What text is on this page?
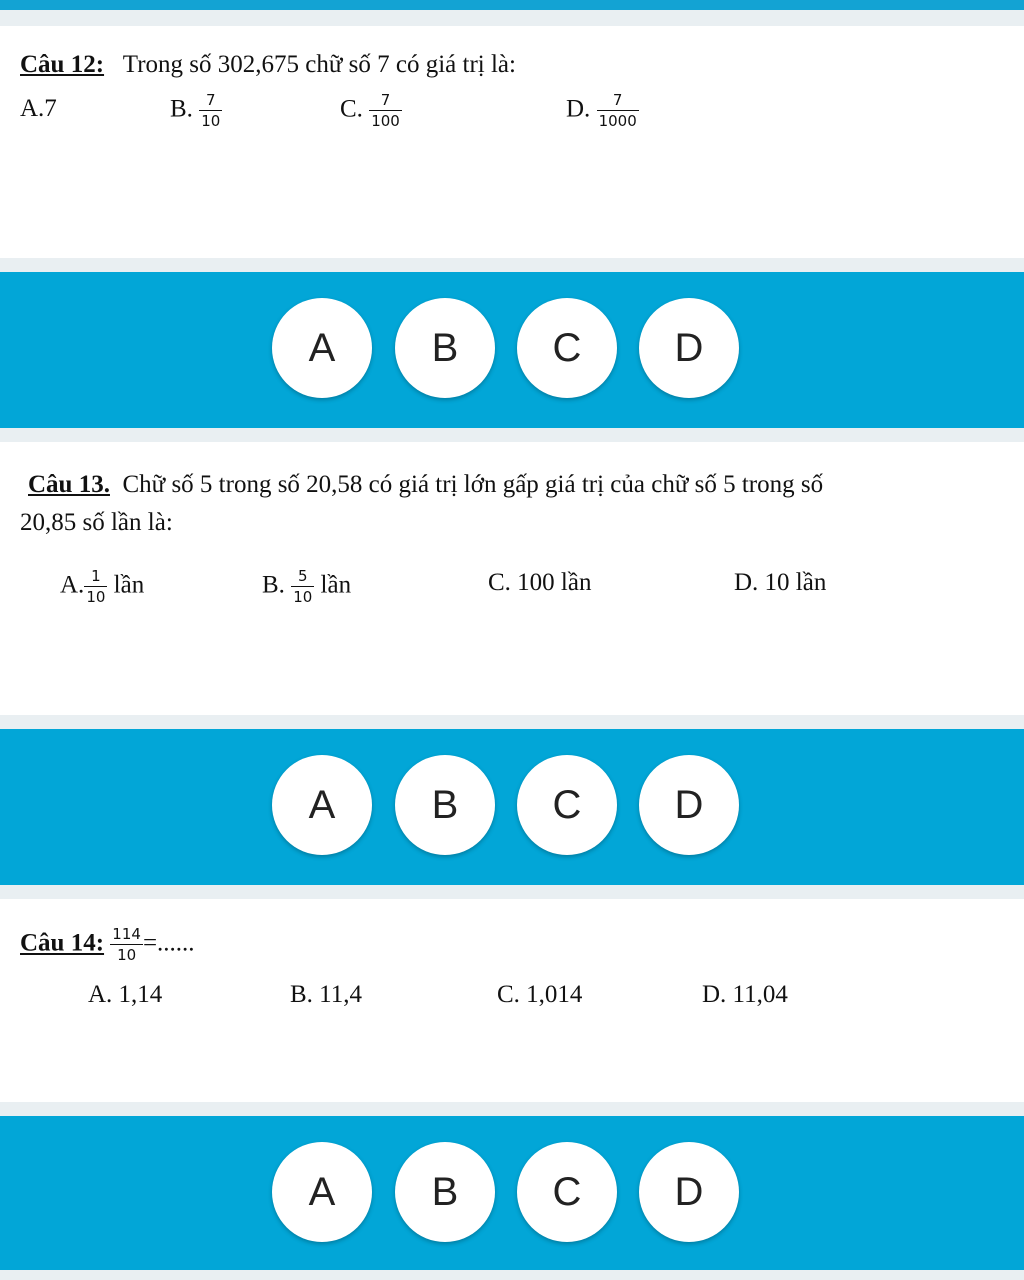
Câu 12: Trong số 302,675 chữ số 7 có giá trị là:
A.7	B. $\frac{7}{10}$	C. $\frac{7}{100}$	D. $\frac{7}{1000}$
A	B	C	D
Câu 13. Chữ số 5 trong số 20,58 có giá trị lớn gấp giá trị của chữ số 5 trong số
20,85 số lần là:
A. $\frac{1}{10}$ lần	B. $\frac{5}{10}$ lần	C. 100 lần	D. 10 lần
A	B	C	D
Câu 14: $\frac{114}{10}$ =......
A. 1,14	B. 11,4	C. 1,014	D. 11,04
A	B	C	D
